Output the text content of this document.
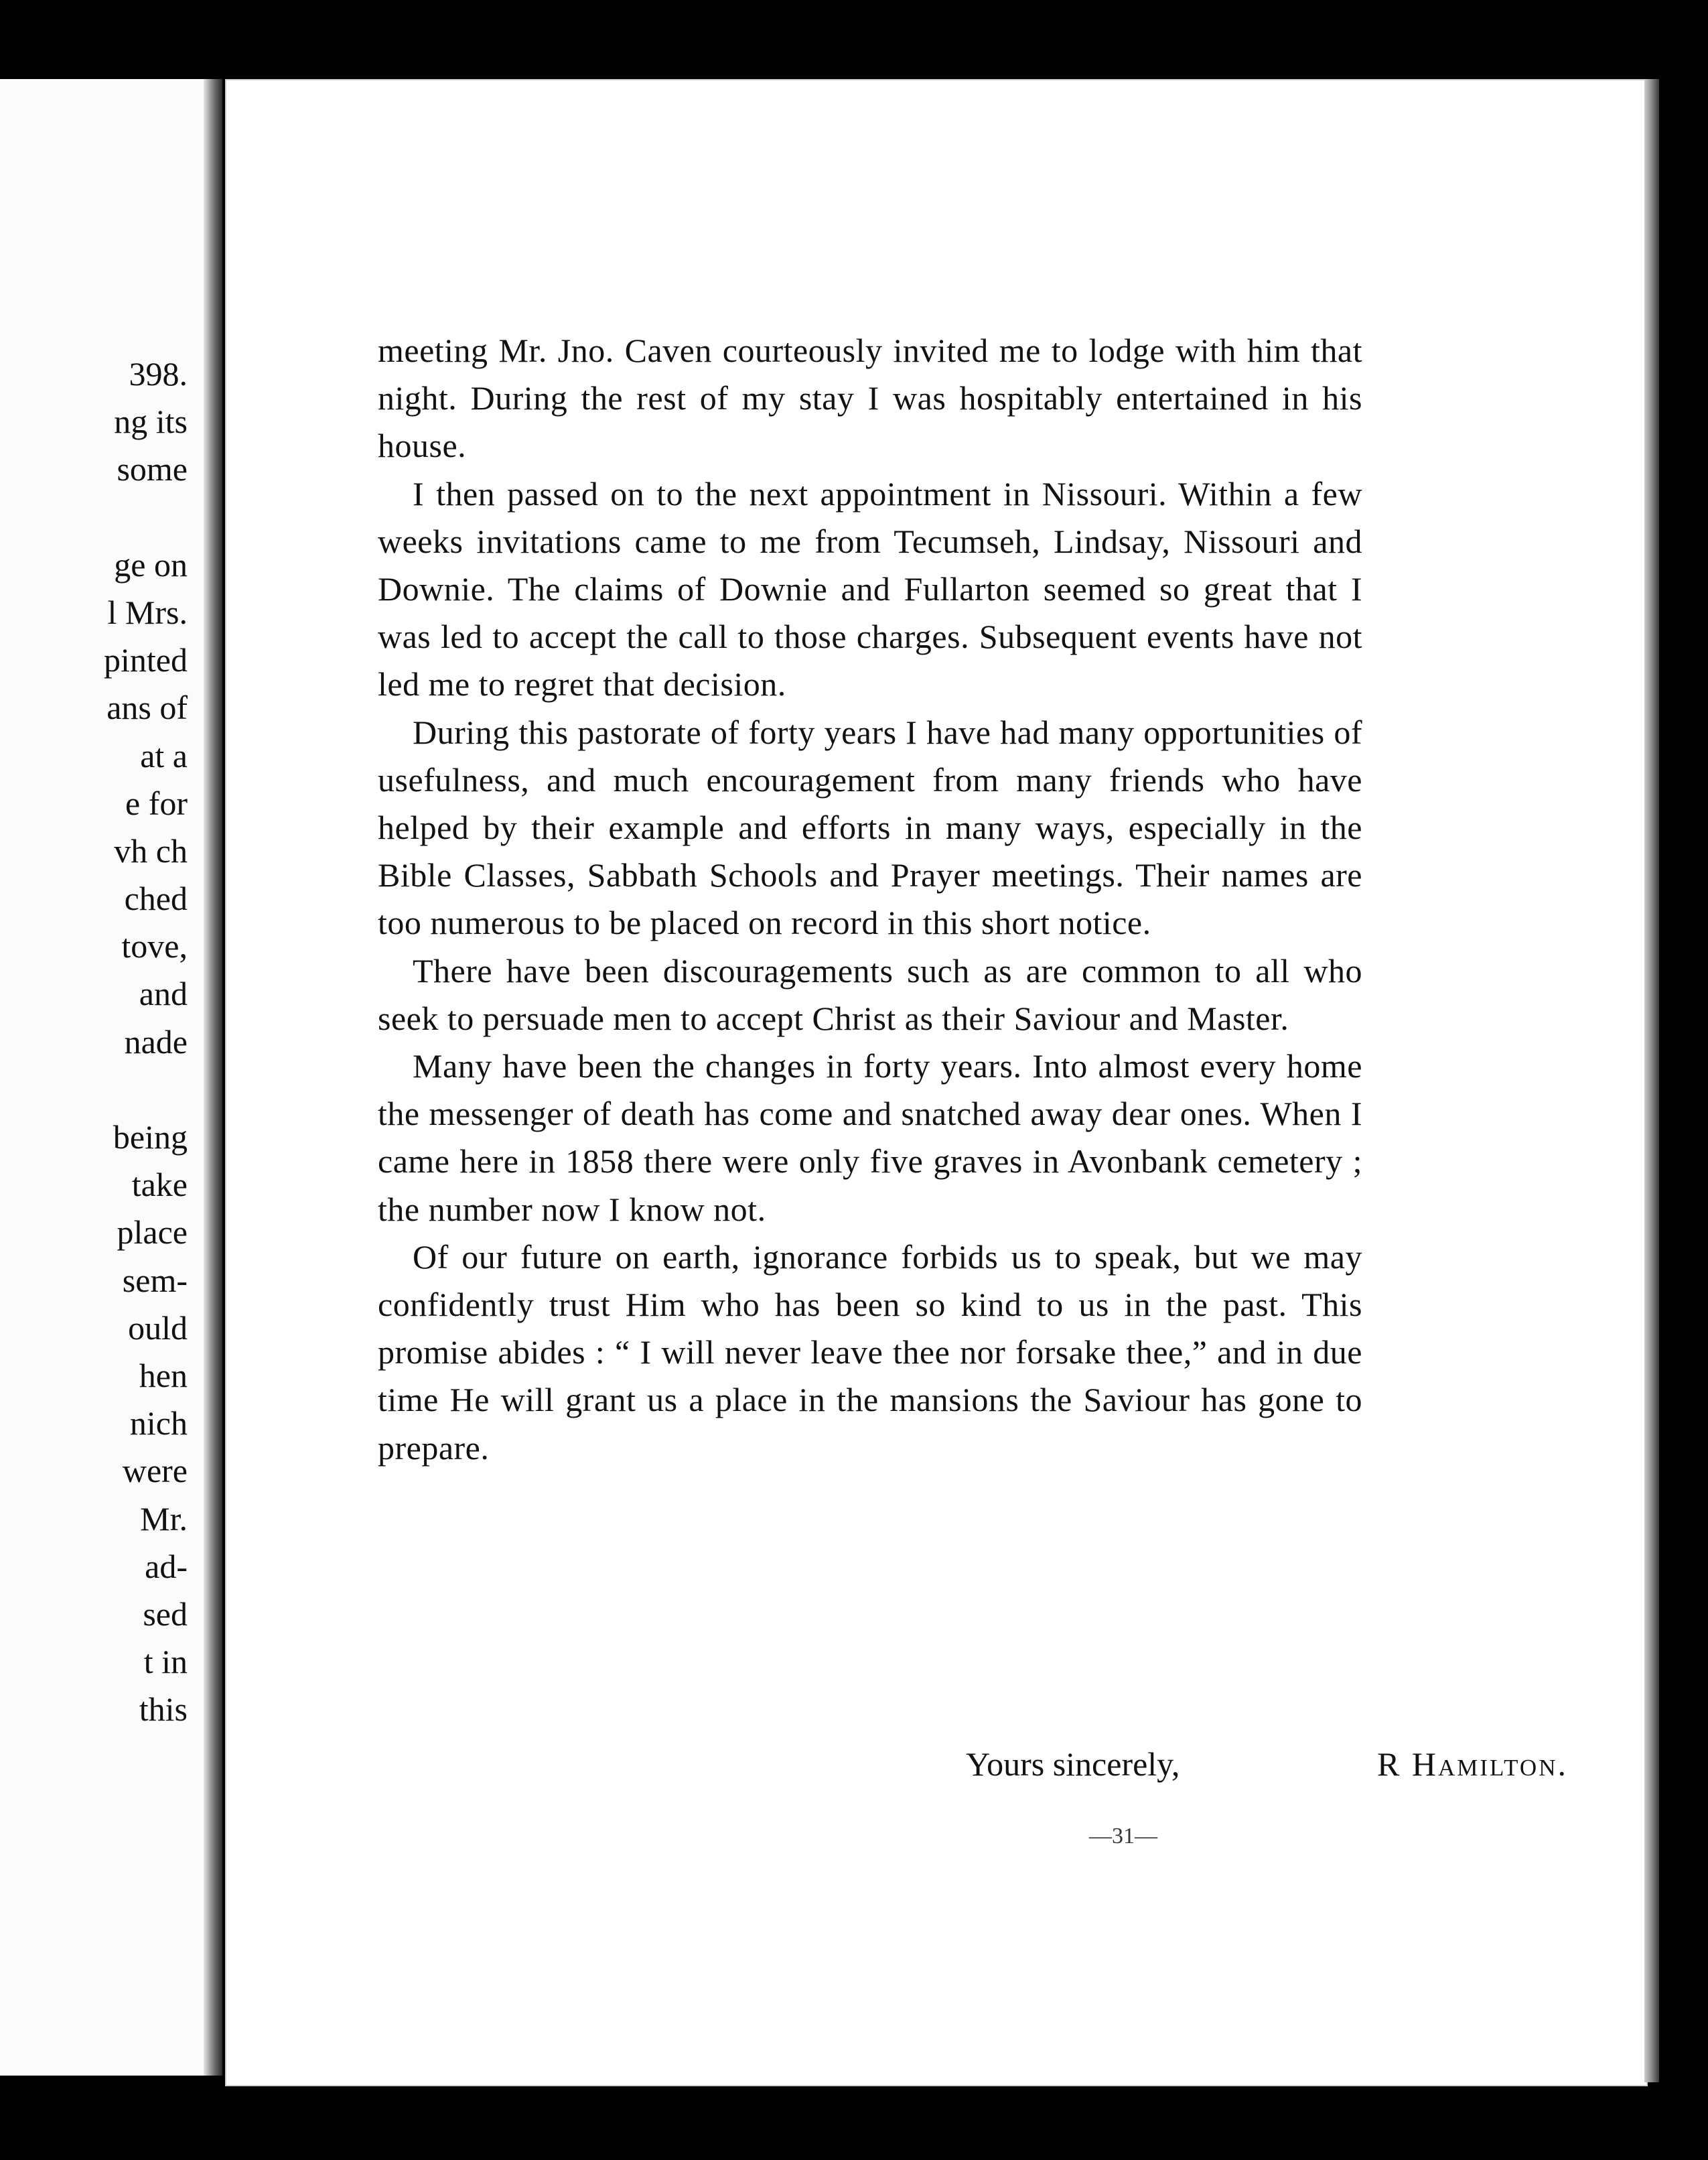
398.
ng its
some

ge on
l Mrs.
pinted
ans of
at a
e for
vh ch
ched
tove,
and
nade

being
take
place
sem-
ould
hen
nich
were
Mr.
ad-
sed
t in
this

meeting Mr. Jno. Caven courteously invited me to lodge with him that night. During the rest of my stay I was hospitably entertained in his house.

I then passed on to the next appointment in Nissouri. Within a few weeks invitations came to me from Tecumseh, Lindsay, Nissouri and Downie. The claims of Downie and Fullarton seemed so great that I was led to accept the call to those charges. Subsequent events have not led me to regret that decision.

During this pastorate of forty years I have had many opportunities of usefulness, and much encouragement from many friends who have helped by their example and efforts in many ways, especially in the Bible Classes, Sabbath Schools and Prayer meetings. Their names are too numerous to be placed on record in this short notice.

There have been discouragements such as are common to all who seek to persuade men to accept Christ as their Saviour and Master.

Many have been the changes in forty years. Into almost every home the messenger of death has come and snatched away dear ones. When I came here in 1858 there were only five graves in Avonbank cemetery ; the number now I know not.

Of our future on earth, ignorance forbids us to speak, but we may confidently trust Him who has been so kind to us in the past. This promise abides : “ I will never leave thee nor forsake thee,” and in due time He will grant us a place in the mansions the Saviour has gone to prepare.

Yours sincerely,	R Hamilton.
—31—
